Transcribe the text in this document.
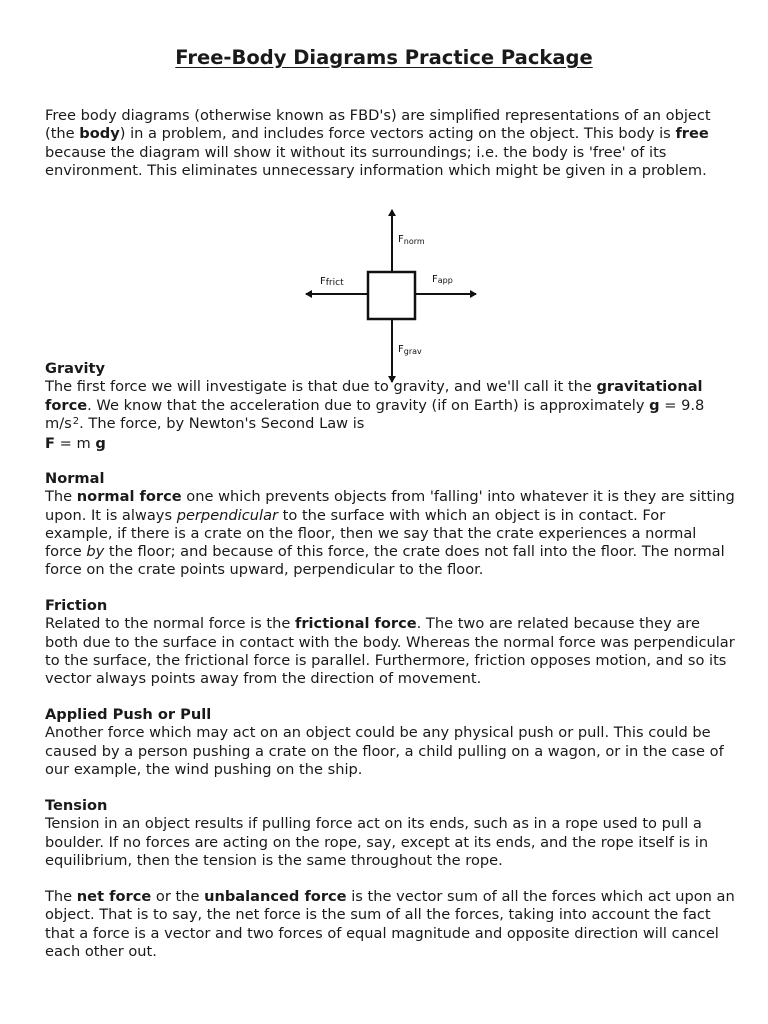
Free-Body Diagrams Practice Package
Free body diagrams (otherwise known as FBD's) are simplified representations of an object (the body) in a problem, and includes force vectors acting on the object. This body is free because the diagram will show it without its surroundings; i.e. the body is 'free' of its environment. This eliminates unnecessary information which might be given in a problem.
$F_{norm}$
Ffrict	Fapp
$F_{grav}$
Gravity
The first force we will investigate is that due to gravity, and we'll call it the gravitational force. We know that the acceleration due to gravity (if on Earth) is approximately g = 9.8 $m/s^2$. The force, by Newton's Second Law is
F = m g
Normal
The normal force one which prevents objects from 'falling' into whatever it is they are sitting upon. It is always perpendicular to the surface with which an object is in contact. For example, if there is a crate on the floor, then we say that the crate experiences a normal force by the floor; and because of this force, the crate does not fall into the floor. The normal force on the crate points upward, perpendicular to the floor.
Friction
Related to the normal force is the frictional force. The two are related because they are both due to the surface in contact with the body. Whereas the normal force was perpendicular to the surface, the frictional force is parallel. Furthermore, friction opposes motion, and so its vector always points away from the direction of movement.
Applied Push or Pull
Another force which may act on an object could be any physical push or pull. This could be caused by a person pushing a crate on the floor, a child pulling on a wagon, or in the case of our example, the wind pushing on the ship.
Tension
Tension in an object results if pulling force act on its ends, such as in a rope used to pull a boulder. If no forces are acting on the rope, say, except at its ends, and the rope itself is in equilibrium, then the tension is the same throughout the rope.
The net force or the unbalanced force is the vector sum of all the forces which act upon an object. That is to say, the net force is the sum of all the forces, taking into account the fact that a force is a vector and two forces of equal magnitude and opposite direction will cancel each other out.
